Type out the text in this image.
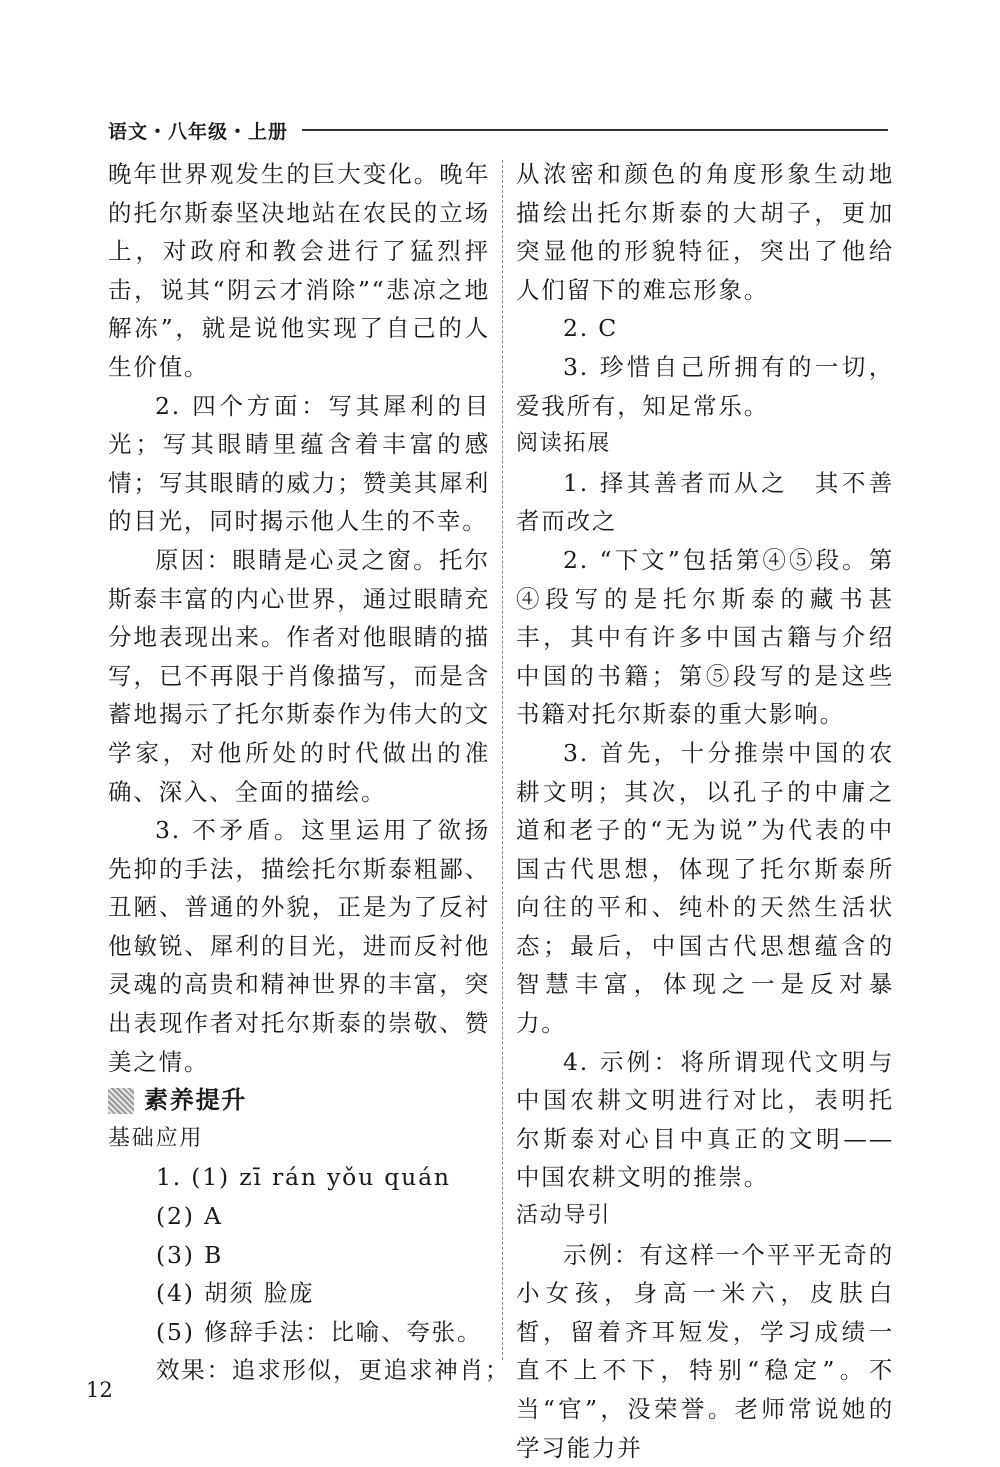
语文・八年级・上册

晚年世界观发生的巨大变化。晚年的托尔斯泰坚决地站在农民的立场上，对政府和教会进行了猛烈抨击，说其“阴云才消除”“悲凉之地解冻”，就是说他实现了自己的人生价值。

2. 四个方面：写其犀利的目光；写其眼睛里蕴含着丰富的感情；写其眼睛的威力；赞美其犀利的目光，同时揭示他人生的不幸。

原因：眼睛是心灵之窗。托尔斯泰丰富的内心世界，通过眼睛充分地表现出来。作者对他眼睛的描写，已不再限于肖像描写，而是含蓄地揭示了托尔斯泰作为伟大的文学家，对他所处的时代做出的准确、深入、全面的描绘。

3. 不矛盾。这里运用了欲扬先抑的手法，描绘托尔斯泰粗鄙、丑陋、普通的外貌，正是为了反衬他敏锐、犀利的目光，进而反衬他灵魂的高贵和精神世界的丰富，突出表现作者对托尔斯泰的崇敬、赞美之情。

素养提升

基础应用

1. (1) zī rán yǒu quán

(2) A

(3) B

(4) 胡须 脸庞

(5) 修辞手法：比喻、夸张。

效果：追求形似，更追求神肖；

从浓密和颜色的角度形象生动地描绘出托尔斯泰的大胡子，更加突显他的形貌特征，突出了他给人们留下的难忘形象。

2. C

3. 珍惜自己所拥有的一切，爱我所有，知足常乐。

阅读拓展

1. 择其善者而从之　其不善者而改之

2. “下文”包括第④⑤段。第④段写的是托尔斯泰的藏书甚丰，其中有许多中国古籍与介绍中国的书籍；第⑤段写的是这些书籍对托尔斯泰的重大影响。

3. 首先，十分推崇中国的农耕文明；其次，以孔子的中庸之道和老子的“无为说”为代表的中国古代思想，体现了托尔斯泰所向往的平和、纯朴的天然生活状态；最后，中国古代思想蕴含的智慧丰富，体现之一是反对暴力。

4. 示例：将所谓现代文明与中国农耕文明进行对比，表明托尔斯泰对心目中真正的文明——中国农耕文明的推崇。

活动导引

示例：有这样一个平平无奇的小女孩，身高一米六，皮肤白皙，留着齐耳短发，学习成绩一直不上不下，特别“稳定”。不当“官”，没荣誉。老师常说她的学习能力并

12
